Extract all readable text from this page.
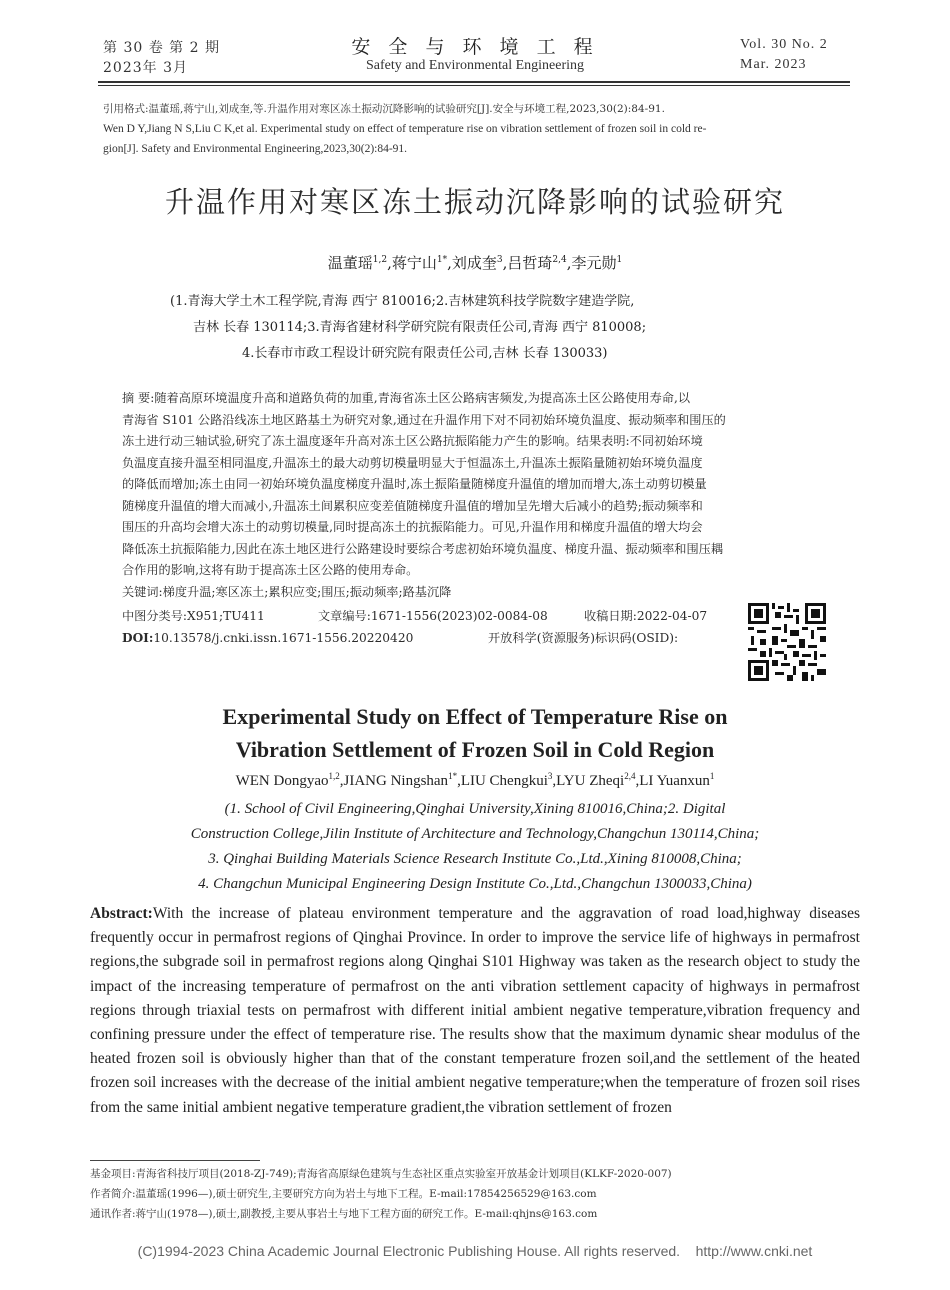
第 30 卷 第 2 期
2023年 3月
安 全 与 环 境 工 程
Safety and Environmental Engineering
Vol. 30 No. 2
Mar. 2023
引用格式:温董瑶,蒋宁山,刘成奎,等.升温作用对寒区冻土振动沉降影响的试验研究[J].安全与环境工程,2023,30(2):84-91.
Wen D Y,Jiang N S,Liu C K,et al. Experimental study on effect of temperature rise on vibration settlement of frozen soil in cold re-
gion[J]. Safety and Environmental Engineering,2023,30(2):84-91.
升温作用对寒区冻土振动沉降影响的试验研究
温董瑶$^{1,2}$,蒋宁山$^{1*}$,刘成奎$^3$,吕哲琦$^{2,4}$,李元勋$^1$
(1.青海大学土木工程学院,青海 西宁 810016;2.吉林建筑科技学院数字建造学院,
吉林 长春 130114;3.青海省建材科学研究院有限责任公司,青海 西宁 810008;
4.长春市市政工程设计研究院有限责任公司,吉林 长春 130033)
摘 要:随着高原环境温度升高和道路负荷的加重,青海省冻土区公路病害频发,为提高冻土区公路使用寿命,以
青海省 S101 公路沿线冻土地区路基土为研究对象,通过在升温作用下对不同初始环境负温度、振动频率和围压的
冻土进行动三轴试验,研究了冻土温度逐年升高对冻土区公路抗振陷能力产生的影响。结果表明:不同初始环境
负温度直接升温至相同温度,升温冻土的最大动剪切模量明显大于恒温冻土,升温冻土振陷量随初始环境负温度
的降低而增加;冻土由同一初始环境负温度梯度升温时,冻土振陷量随梯度升温值的增加而增大,冻土动剪切模量
随梯度升温值的增大而减小,升温冻土间累积应变差值随梯度升温值的增加呈先增大后减小的趋势;振动频率和
围压的升高均会增大冻土的动剪切模量,同时提高冻土的抗振陷能力。可见,升温作用和梯度升温值的增大均会
降低冻土抗振陷能力,因此在冻土地区进行公路建设时要综合考虑初始环境负温度、梯度升温、振动频率和围压耦
合作用的影响,这将有助于提高冻土区公路的使用寿命。
关键词:梯度升温;寒区冻土;累积应变;围压;振动频率;路基沉降
中图分类号:X951;TU411	文章编号:1671-1556(2023)02-0084-08	收稿日期:2022-04-07
DOI:10.13578/j.cnki.issn.1671-1556.20220420	开放科学(资源服务)标识码(OSID):
Experimental Study on Effect of Temperature Rise on
Vibration Settlement of Frozen Soil in Cold Region
WEN Dongyao$^{1,2}$,JIANG Ningshan$^{1*}$,LIU Chengkui$^3$,LYU Zheqi$^{2,4}$,LI Yuanxun$^1$
(1. School of Civil Engineering,Qinghai University,Xining 810016,China;2. Digital
Construction College,Jilin Institute of Architecture and Technology,Changchun 130114,China;
3. Qinghai Building Materials Science Research Institute Co.,Ltd.,Xining 810008,China;
4. Changchun Municipal Engineering Design Institute Co.,Ltd.,Changchun 1300033,China)
Abstract:With the increase of plateau environment temperature and the aggravation of road load,highway diseases frequently occur in permafrost regions of Qinghai Province. In order to improve the service life of highways in permafrost regions,the subgrade soil in permafrost regions along Qinghai S101 Highway was taken as the research object to study the impact of the increasing temperature of permafrost on the anti vibration settlement capacity of highways in permafrost regions through triaxial tests on permafrost with different initial ambient negative temperature,vibration frequency and confining pressure under the effect of temperature rise. The results show that the maximum dynamic shear modulus of the heated frozen soil is obviously higher than that of the constant temperature frozen soil,and the settlement of the heated frozen soil increases with the decrease of the initial ambient negative temperature;when the temperature of frozen soil rises from the same initial ambient negative temperature gradient,the vibration settlement of frozen
基金项目:青海省科技厅项目(2018-ZJ-749);青海省高原绿色建筑与生态社区重点实验室开放基金计划项目(KLKF-2020-007)
作者简介:温董瑶(1996—),硕士研究生,主要研究方向为岩土与地下工程。E-mail:17854256529@163.com
通讯作者:蒋宁山(1978—),硕士,副教授,主要从事岩土与地下工程方面的研究工作。E-mail:qhjns@163.com
(C)1994-2023 China Academic Journal Electronic Publishing House. All rights reserved.    http://www.cnki.net
